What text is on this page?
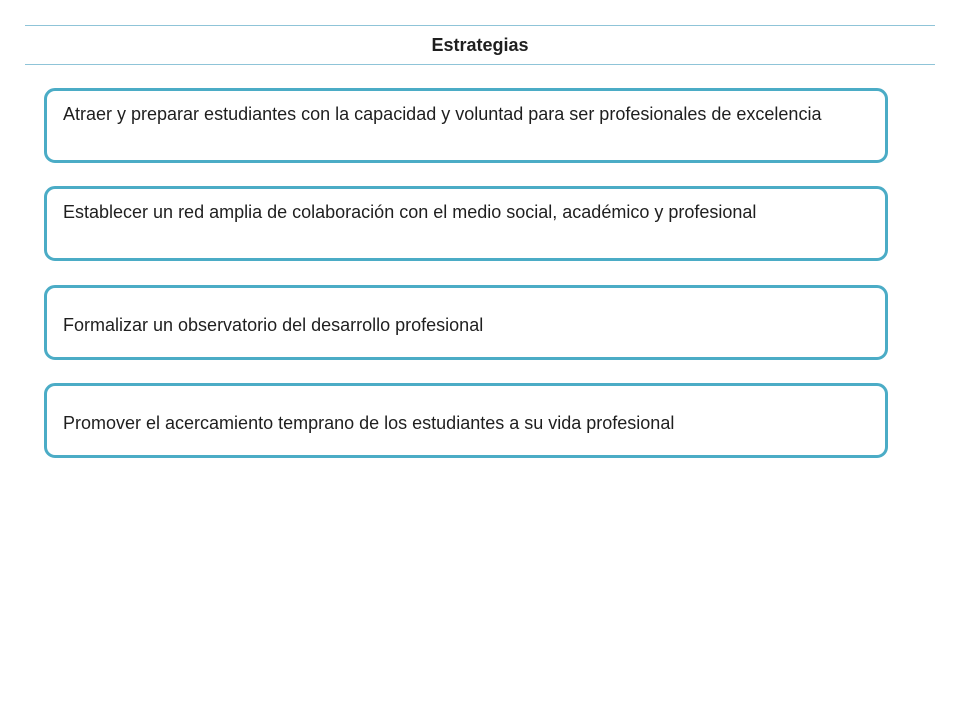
Estrategias
Atraer y preparar estudiantes con la capacidad y voluntad para ser profesionales de excelencia
Establecer un red amplia de colaboración con el medio social, académico y profesional
Formalizar un observatorio del desarrollo profesional
Promover el acercamiento temprano de los estudiantes a su vida profesional
